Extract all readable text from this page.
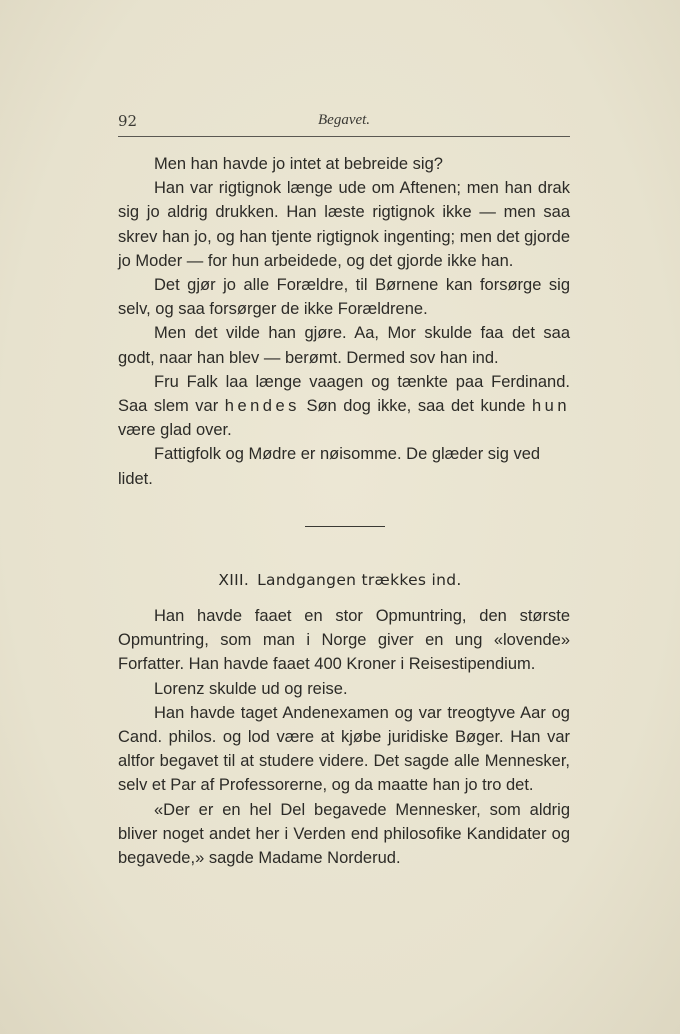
92	Begavet.

Men han havde jo intet at bebreide sig?

Han var rigtignok længe ude om Aftenen; men han drak sig jo aldrig drukken. Han læste rigtignok ikke — men saa skrev han jo, og han tjente rigtignok ingenting; men det gjorde jo Moder — for hun arbeidede, og det gjorde ikke han.

Det gjør jo alle Forældre, til Børnene kan forsørge sig selv, og saa forsørger de ikke Forældrene.

Men det vilde han gjøre. Aa, Mor skulde faa det saa godt, naar han blev — berømt. Dermed sov han ind.

Fru Falk laa længe vaagen og tænkte paa Ferdinand. Saa slem var hendes Søn dog ikke, saa det kunde hun være glad over.

Fattigfolk og Mødre er nøisomme. De glæder sig ved lidet.

XIII. Landgangen trækkes ind.

Han havde faaet en stor Opmuntring, den største Opmuntring, som man i Norge giver en ung «lovende» Forfatter. Han havde faaet 400 Kroner i Reisestipendium.

Lorenz skulde ud og reise.

Han havde taget Andenexamen og var treogtyve Aar og Cand. philos. og lod være at kjøbe juridiske Bøger. Han var altfor begavet til at studere videre. Det sagde alle Mennesker, selv et Par af Professorerne, og da maatte han jo tro det.

«Der er en hel Del begavede Mennesker, som aldrig bliver noget andet her i Verden end philosofike Kandidater og begavede,» sagde Madame Norderud.
